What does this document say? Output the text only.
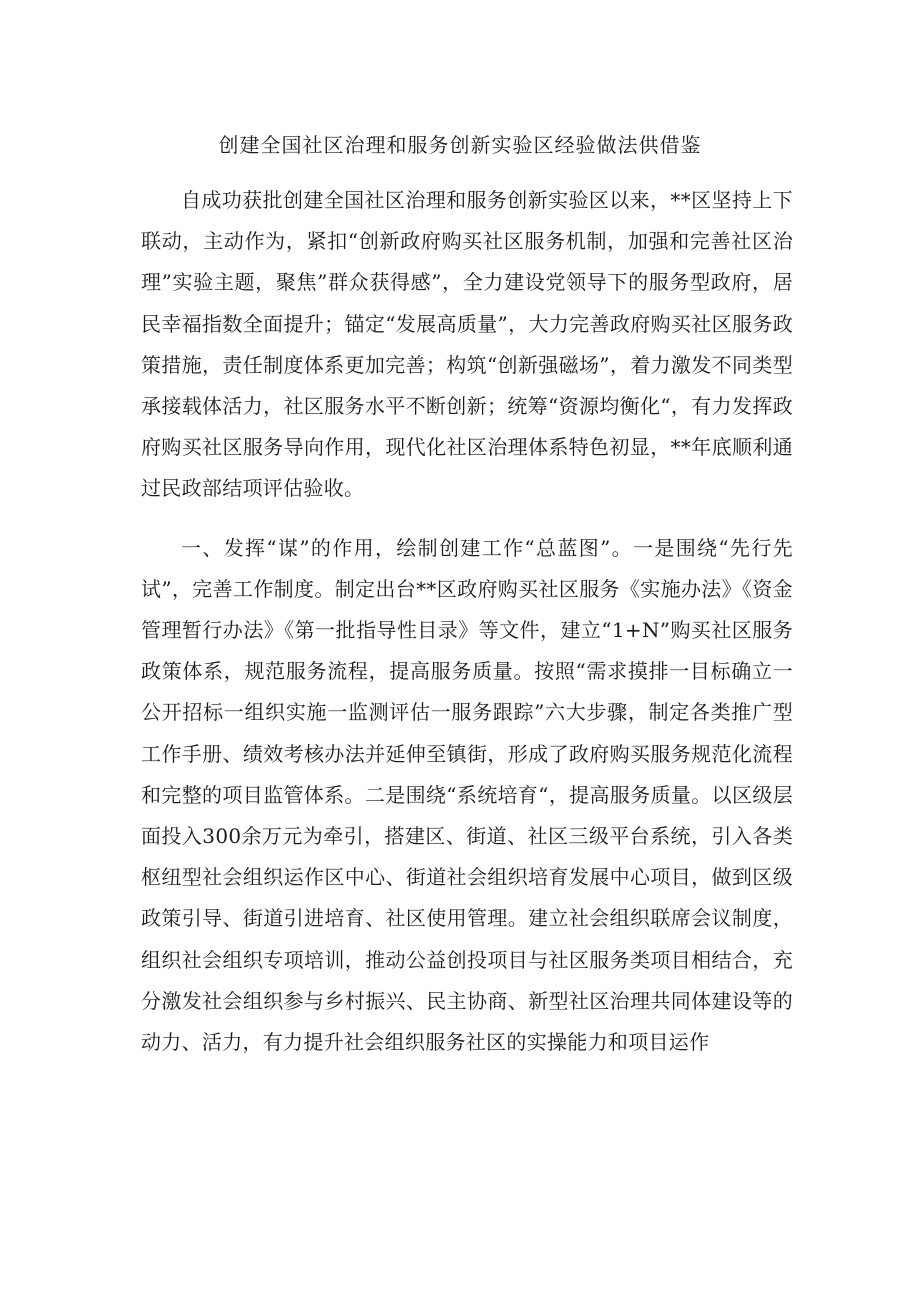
创建全国社区治理和服务创新实验区经验做法供借鉴

自成功获批创建全国社区治理和服务创新实验区以来，**区坚持上下联动，主动作为，紧扣“创新政府购买社区服务机制，加强和完善社区治理”实验主题，聚焦”群众获得感”，全力建设党领导下的服务型政府，居民幸福指数全面提升；锚定“发展高质量”，大力完善政府购买社区服务政策措施，责任制度体系更加完善；构筑“创新强磁场”，着力激发不同类型承接载体活力，社区服务水平不断创新；统筹“资源均衡化“，有力发挥政府购买社区服务导向作用，现代化社区治理体系特色初显，**年底顺利通过民政部结项评估验收。

一、发挥“谋”的作用，绘制创建工作“总蓝图”。一是围绕“先行先试”，完善工作制度。制定出台**区政府购买社区服务《实施办法》《资金管理暂行办法》《第一批指导性目录》等文件，建立“1+N”购买社区服务政策体系，规范服务流程，提高服务质量。按照“需求摸排一目标确立一公开招标一组织实施一监测评估一服务跟踪”六大步骤，制定各类推广型工作手册、绩效考核办法并延伸至镇街，形成了政府购买服务规范化流程和完整的项目监管体系。二是围绕“系统培育“，提高服务质量。以区级层面投入300余万元为牵引，搭建区、街道、社区三级平台系统，引入各类枢纽型社会组织运作区中心、街道社会组织培育发展中心项目，做到区级政策引导、街道引进培育、社区使用管理。建立社会组织联席会议制度，组织社会组织专项培训，推动公益创投项目与社区服务类项目相结合，充分激发社会组织参与乡村振兴、民主协商、新型社区治理共同体建设等的动力、活力，有力提升社会组织服务社区的实操能力和项目运作
